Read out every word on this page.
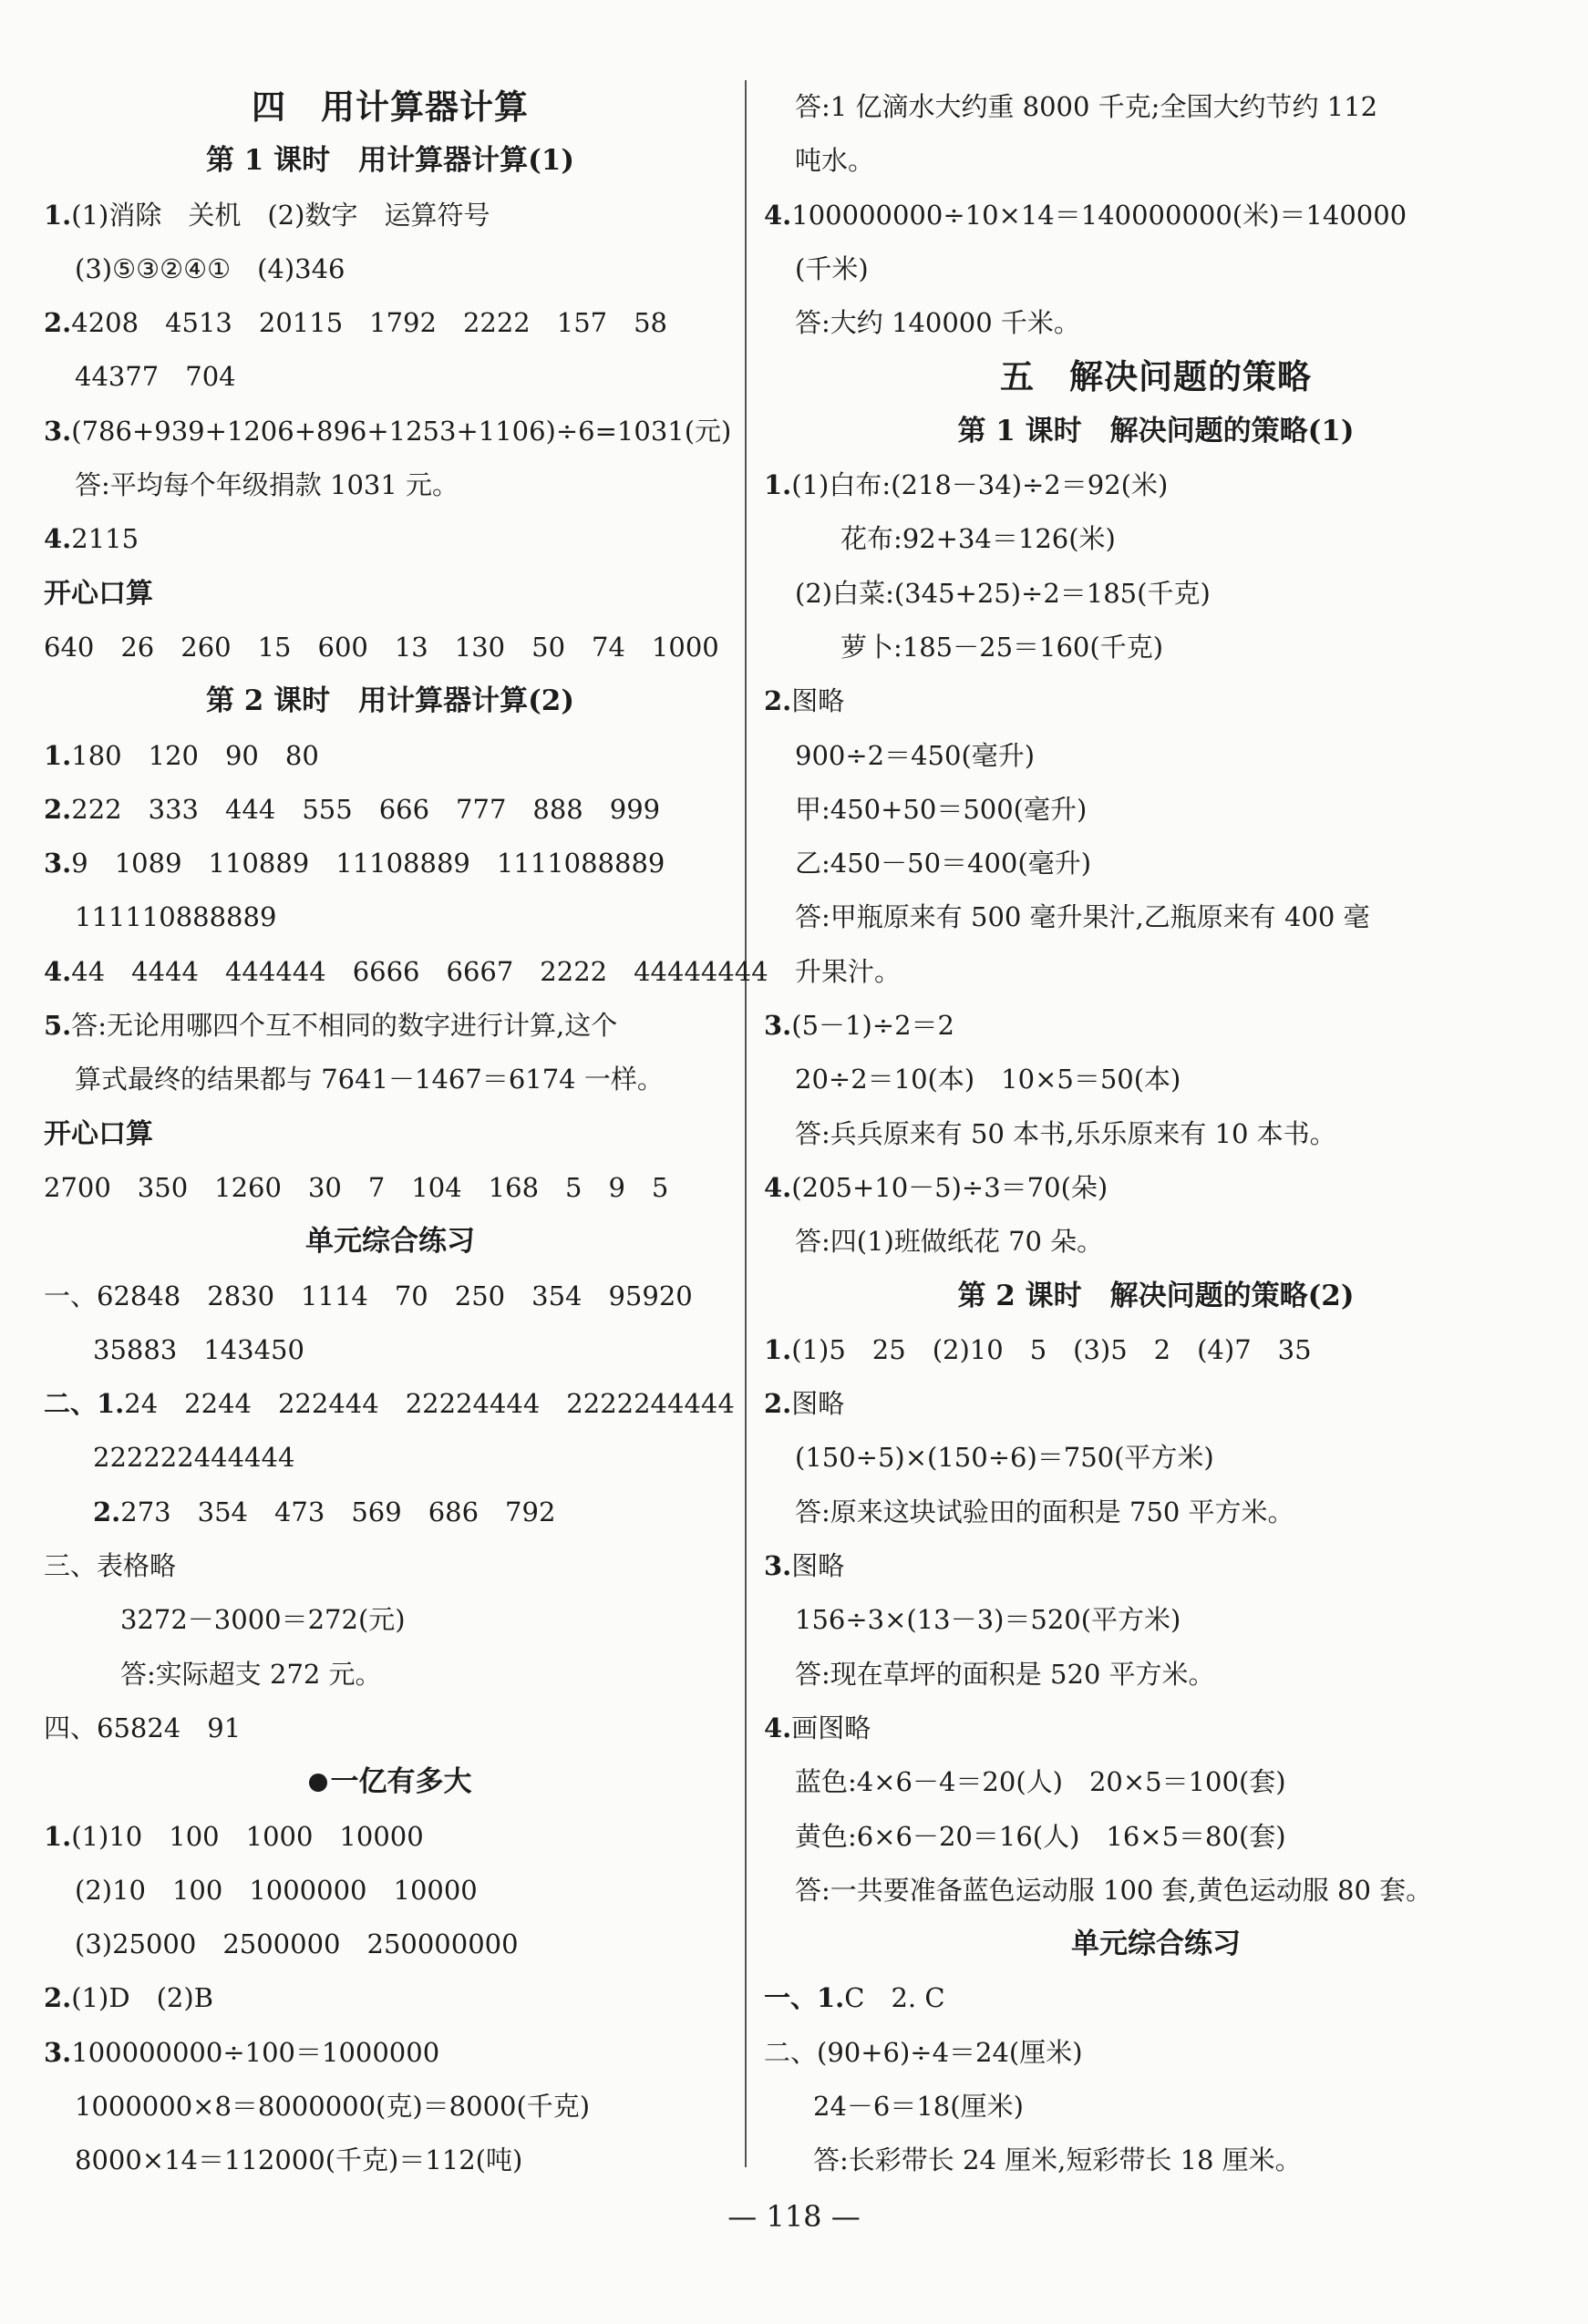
四　用计算器计算
第 1 课时　用计算器计算(1)
1.(1)消除　关机　(2)数字　运算符号
(3)⑤③②④①　(4)346
2.4208　4513　20115　1792　2222　157　58
44377　704
3.(786+939+1206+896+1253+1106)÷6=1031(元)
答:平均每个年级捐款 1031 元。
4.2115
开心口算
640　26　260　15　600　13　130　50　74　1000
第 2 课时　用计算器计算(2)
1.180　120　90　80
2.222　333　444　555　666　777　888　999
3.9　1089　110889　11108889　1111088889
111110888889
4.44　4444　444444　6666　6667　2222　44444444
5.答:无论用哪四个互不相同的数字进行计算,这个
算式最终的结果都与 7641－1467＝6174 一样。
开心口算
2700　350　1260　30　7　104　168　5　9　5
单元综合练习
一、62848　2830　1114　70　250　354　95920
35883　143450
二、1.24　2244　222444　22224444　2222244444
222222444444
2.273　354　473　569　686　792
三、表格略
3272－3000＝272(元)
答:实际超支 272 元。
四、65824　91
一亿有多大
1.(1)10　100　1000　10000
(2)10　100　1000000　10000
(3)25000　2500000　250000000
2.(1)D　(2)B
3.100000000÷100＝1000000
1000000×8＝8000000(克)＝8000(千克)
8000×14＝112000(千克)＝112(吨)
答:1 亿滴水大约重 8000 千克;全国大约节约 112
吨水。
4.100000000÷10×14＝140000000(米)＝140000
(千米)
答:大约 140000 千米。
五　解决问题的策略
第 1 课时　解决问题的策略(1)
1.(1)白布:(218－34)÷2＝92(米)
花布:92+34＝126(米)
(2)白菜:(345+25)÷2＝185(千克)
萝卜:185－25＝160(千克)
2.图略
900÷2＝450(毫升)
甲:450+50＝500(毫升)
乙:450－50＝400(毫升)
答:甲瓶原来有 500 毫升果汁,乙瓶原来有 400 毫
升果汁。
3.(5－1)÷2＝2
20÷2＝10(本)　10×5＝50(本)
答:兵兵原来有 50 本书,乐乐原来有 10 本书。
4.(205+10－5)÷3＝70(朵)
答:四(1)班做纸花 70 朵。
第 2 课时　解决问题的策略(2)
1.(1)5　25　(2)10　5　(3)5　2　(4)7　35
2.图略
(150÷5)×(150÷6)＝750(平方米)
答:原来这块试验田的面积是 750 平方米。
3.图略
156÷3×(13－3)＝520(平方米)
答:现在草坪的面积是 520 平方米。
4.画图略
蓝色:4×6－4＝20(人)　20×5＝100(套)
黄色:6×6－20＝16(人)　16×5＝80(套)
答:一共要准备蓝色运动服 100 套,黄色运动服 80 套。
单元综合练习
一、1.C　2. C
二、(90+6)÷4＝24(厘米)
24－6＝18(厘米)
答:长彩带长 24 厘米,短彩带长 18 厘米。
— 118 —
